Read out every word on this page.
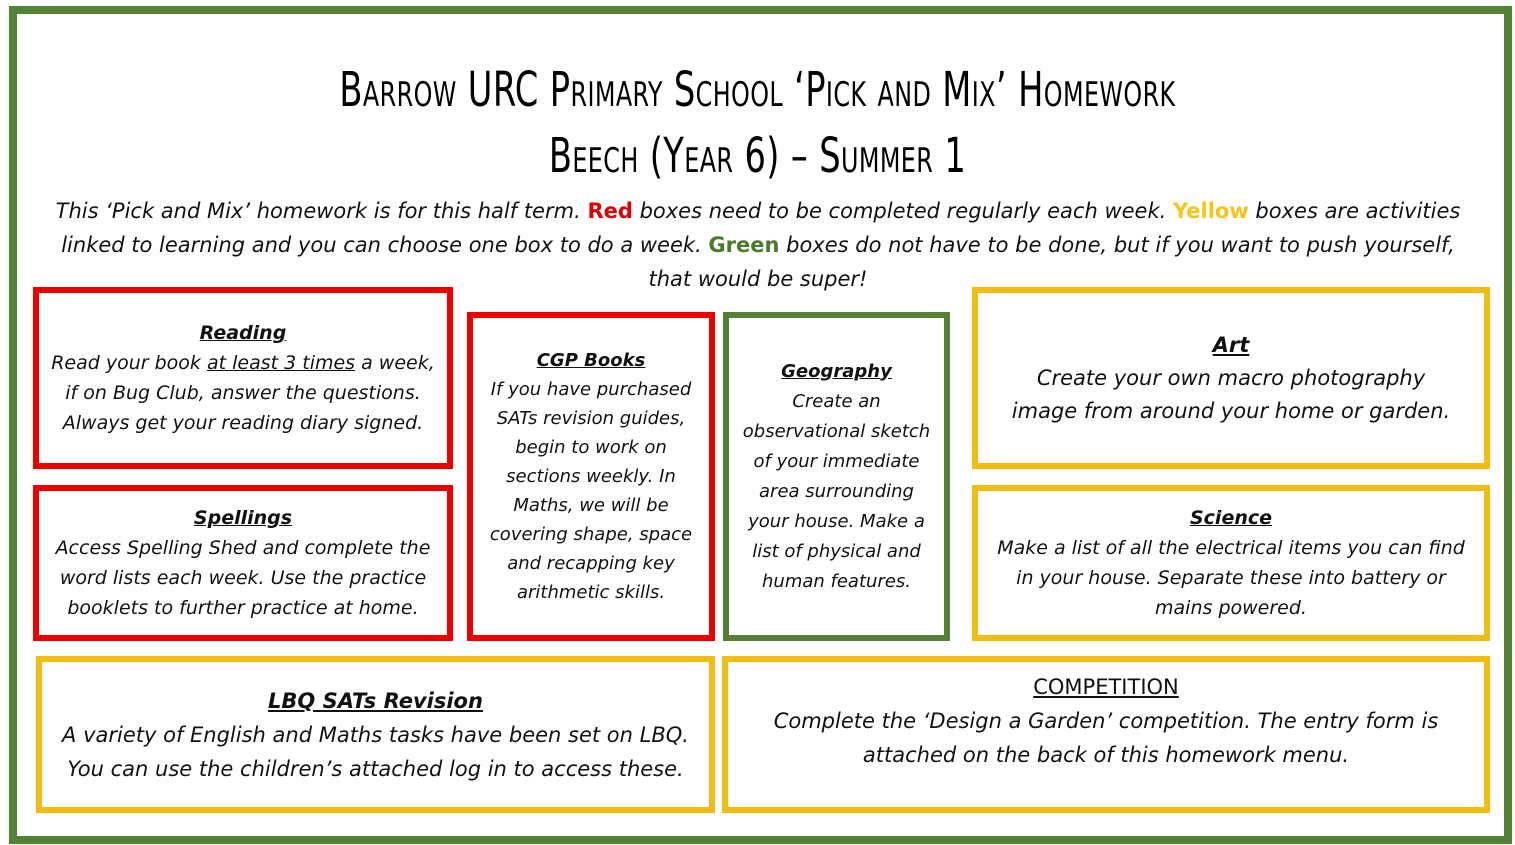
Barrow URC Primary School ‘Pick and Mix’ Homework
Beech (Year 6) – Summer 1
This ‘Pick and Mix’ homework is for this half term. Red boxes need to be completed regularly each week. Yellow boxes are activities linked to learning and you can choose one box to do a week. Green boxes do not have to be done, but if you want to push yourself, that would be super!
Reading
Read your book at least 3 times a week, if on Bug Club, answer the questions. Always get your reading diary signed.
Spellings
Access Spelling Shed and complete the word lists each week. Use the practice booklets to further practice at home.
CGP Books
If you have purchased SATs revision guides, begin to work on sections weekly. In Maths, we will be covering shape, space and recapping key arithmetic skills.
Geography
Create an observational sketch of your immediate area surrounding your house. Make a list of physical and human features.
Art
Create your own macro photography image from around your home or garden.
Science
Make a list of all the electrical items you can find in your house. Separate these into battery or mains powered.
LBQ SATs Revision
A variety of English and Maths tasks have been set on LBQ. You can use the children’s attached log in to access these.
COMPETITION
Complete the ‘Design a Garden’ competition. The entry form is attached on the back of this homework menu.
